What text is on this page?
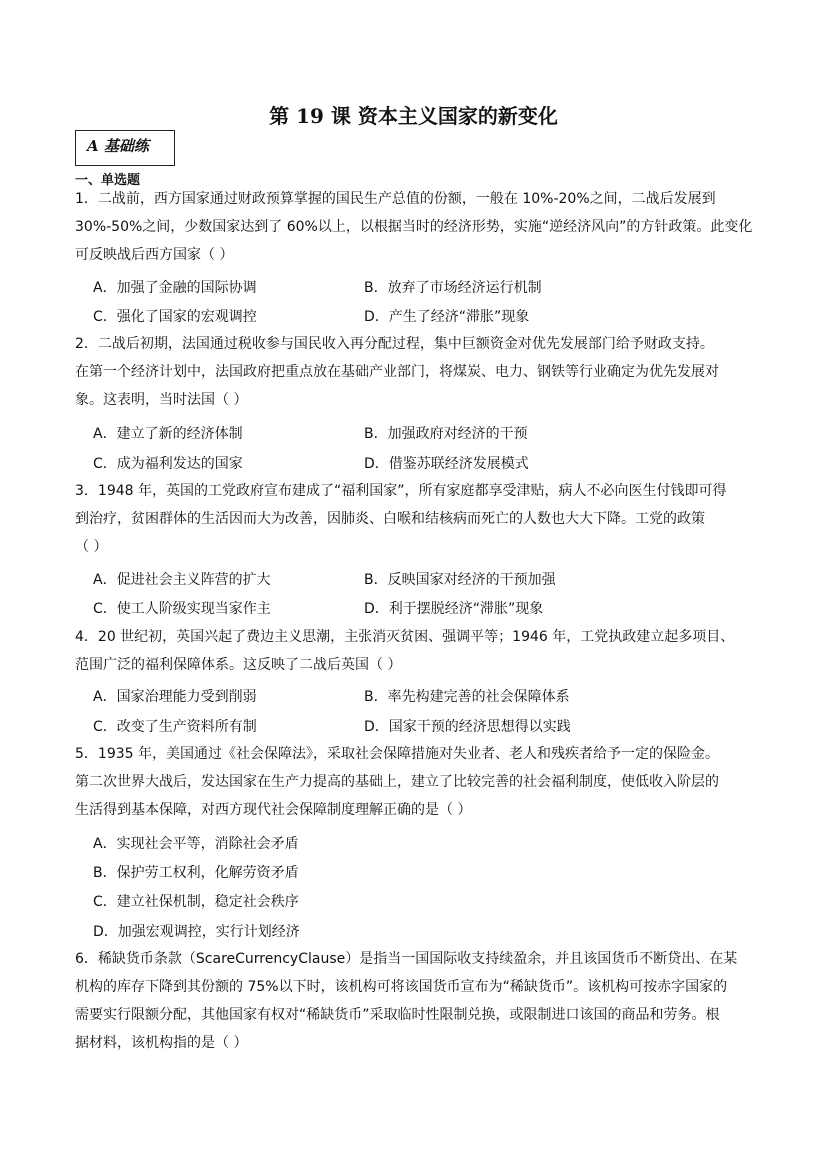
第 19 课 资本主义国家的新变化
A 基础练
一、单选题
1．二战前，西方国家通过财政预算掌握的国民生产总值的份额，一般在 10%-20%之间，二战后发展到
30%-50%之间，少数国家达到了 60%以上，以根据当时的经济形势，实施“逆经济风向”的方针政策。此变化
可反映战后西方国家（ ）
A．加强了金融的国际协调	B．放弃了市场经济运行机制
C．强化了国家的宏观调控	D．产生了经济“滞胀”现象
2．二战后初期，法国通过税收参与国民收入再分配过程，集中巨额资金对优先发展部门给予财政支持。
在第一个经济计划中，法国政府把重点放在基础产业部门，将煤炭、电力、钢铁等行业确定为优先发展对
象。这表明，当时法国（ ）
A．建立了新的经济体制	B．加强政府对经济的干预
C．成为福利发达的国家	D．借鉴苏联经济发展模式
3．1948 年，英国的工党政府宣布建成了“福利国家”，所有家庭都享受津贴，病人不必向医生付钱即可得
到治疗，贫困群体的生活因而大为改善，因肺炎、白喉和结核病而死亡的人数也大大下降。工党的政策
（ ）
A．促进社会主义阵营的扩大	B．反映国家对经济的干预加强
C．使工人阶级实现当家作主	D．利于摆脱经济“滞胀”现象
4．20 世纪初，英国兴起了费边主义思潮，主张消灭贫困、强调平等；1946 年，工党执政建立起多项目、
范围广泛的福利保障体系。这反映了二战后英国（ ）
A．国家治理能力受到削弱	B．率先构建完善的社会保障体系
C．改变了生产资料所有制	D．国家干预的经济思想得以实践
5．1935 年，美国通过《社会保障法》，采取社会保障措施对失业者、老人和残疾者给予一定的保险金。
第二次世界大战后，发达国家在生产力提高的基础上，建立了比较完善的社会福利制度，使低收入阶层的
生活得到基本保障，对西方现代社会保障制度理解正确的是（ ）
A．实现社会平等，消除社会矛盾
B．保护劳工权利，化解劳资矛盾
C．建立社保机制，稳定社会秩序
D．加强宏观调控，实行计划经济
6．稀缺货币条款（ScareCurrencyClause）是指当一国国际收支持续盈余，并且该国货币不断贷出、在某
机构的库存下降到其份额的 75%以下时，该机构可将该国货币宣布为“稀缺货币”。该机构可按赤字国家的
需要实行限额分配，其他国家有权对“稀缺货币”采取临时性限制兑换，或限制进口该国的商品和劳务。根
据材料，该机构指的是（ ）
